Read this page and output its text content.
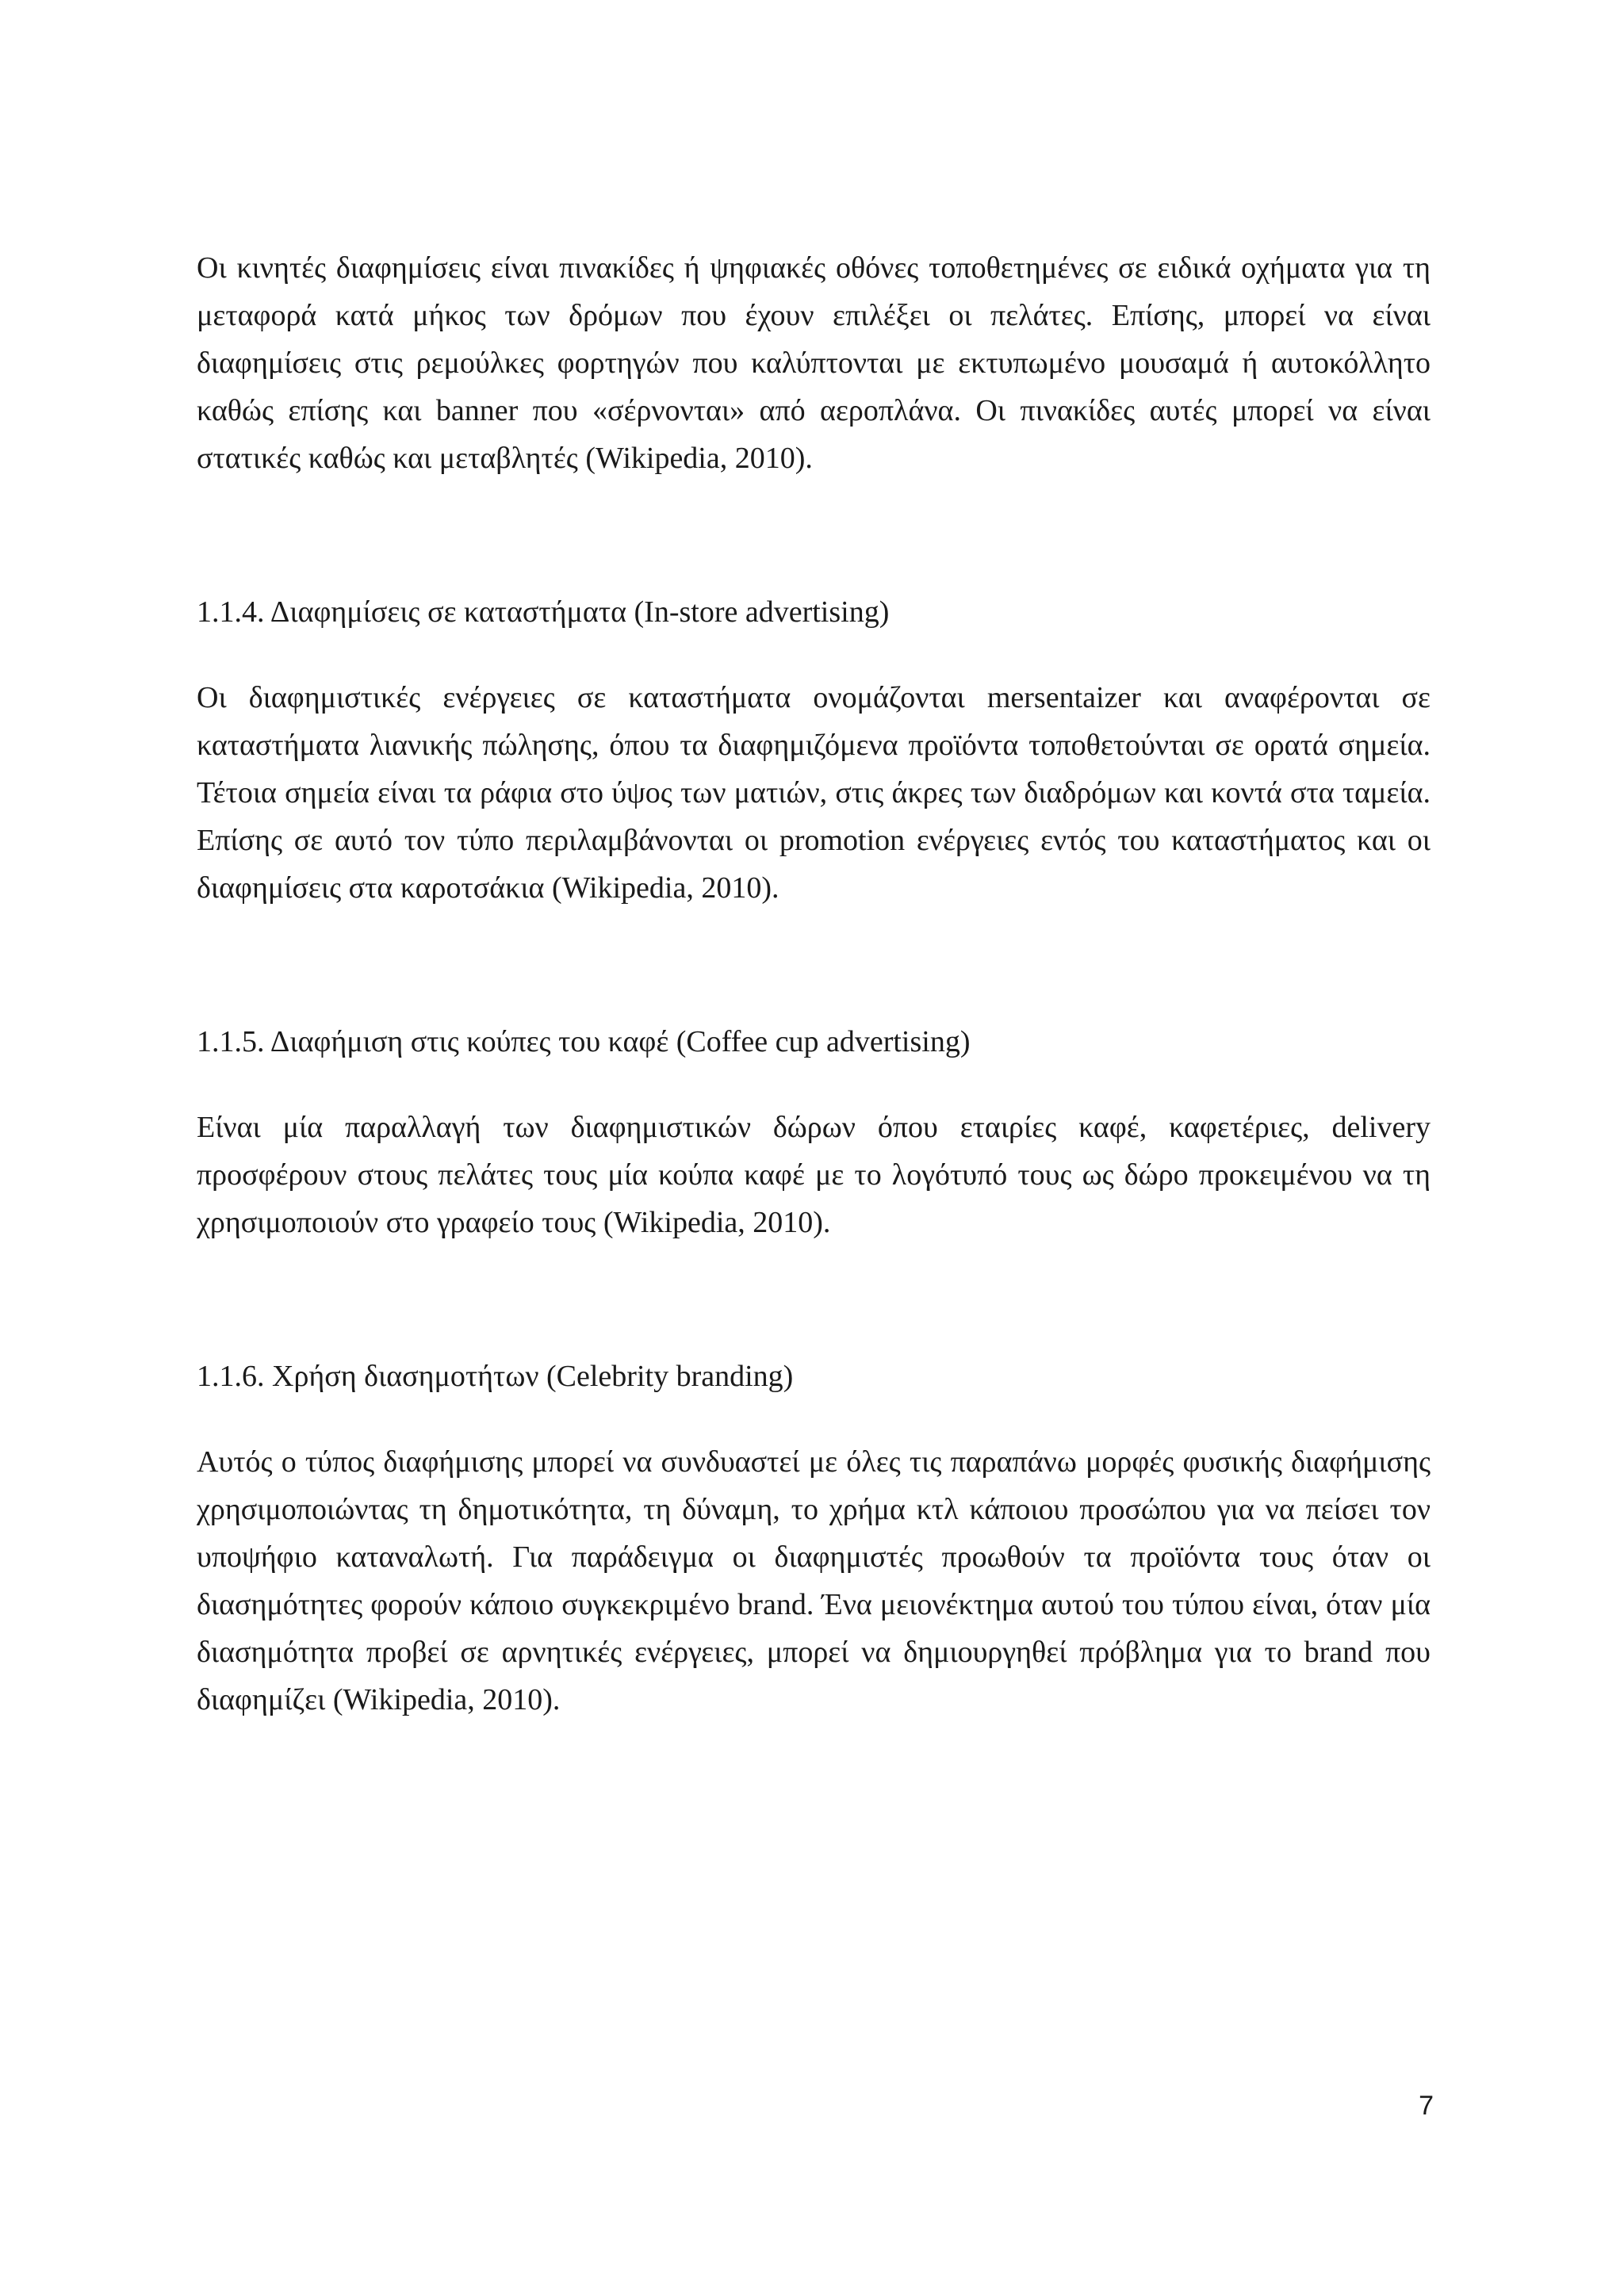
Οι κινητές διαφημίσεις είναι πινακίδες ή ψηφιακές οθόνες τοποθετημένες σε ειδικά οχήματα για τη μεταφορά κατά μήκος των δρόμων που έχουν επιλέξει οι πελάτες. Επίσης, μπορεί να είναι διαφημίσεις στις ρεμούλκες φορτηγών που καλύπτονται με εκτυπωμένο μουσαμά ή αυτοκόλλητο καθώς επίσης και banner που «σέρνονται» από αεροπλάνα. Οι πινακίδες αυτές μπορεί να είναι στατικές καθώς και μεταβλητές (Wikipedia, 2010).

1.1.4. Διαφημίσεις σε καταστήματα (In-store advertising)

Οι διαφημιστικές ενέργειες σε καταστήματα ονομάζονται mersentaizer και αναφέρονται σε καταστήματα λιανικής πώλησης, όπου τα διαφημιζόμενα προϊόντα τοποθετούνται σε ορατά σημεία. Τέτοια σημεία είναι τα ράφια στο ύψος των ματιών, στις άκρες των διαδρόμων και κοντά στα ταμεία. Επίσης σε αυτό τον τύπο περιλαμβάνονται οι promotion ενέργειες εντός του καταστήματος και οι διαφημίσεις στα καροτσάκια (Wikipedia, 2010).

1.1.5. Διαφήμιση στις κούπες του καφέ (Coffee cup advertising)

Είναι μία παραλλαγή των διαφημιστικών δώρων όπου εταιρίες καφέ, καφετέριες, delivery προσφέρουν στους πελάτες τους μία κούπα καφέ με το λογότυπό τους ως δώρο προκειμένου να τη χρησιμοποιούν στο γραφείο τους (Wikipedia, 2010).

1.1.6. Χρήση διασημοτήτων (Celebrity branding)

Αυτός ο τύπος διαφήμισης μπορεί να συνδυαστεί με όλες τις παραπάνω μορφές φυσικής διαφήμισης χρησιμοποιώντας τη δημοτικότητα, τη δύναμη, το χρήμα κτλ κάποιου προσώπου για να πείσει τον υποψήφιο καταναλωτή. Για παράδειγμα οι διαφημιστές προωθούν τα προϊόντα τους όταν οι διασημότητες φορούν κάποιο συγκεκριμένο brand. Ένα μειονέκτημα αυτού του τύπου είναι, όταν μία διασημότητα προβεί σε αρνητικές ενέργειες, μπορεί να δημιουργηθεί πρόβλημα για το brand που διαφημίζει (Wikipedia, 2010).

7
